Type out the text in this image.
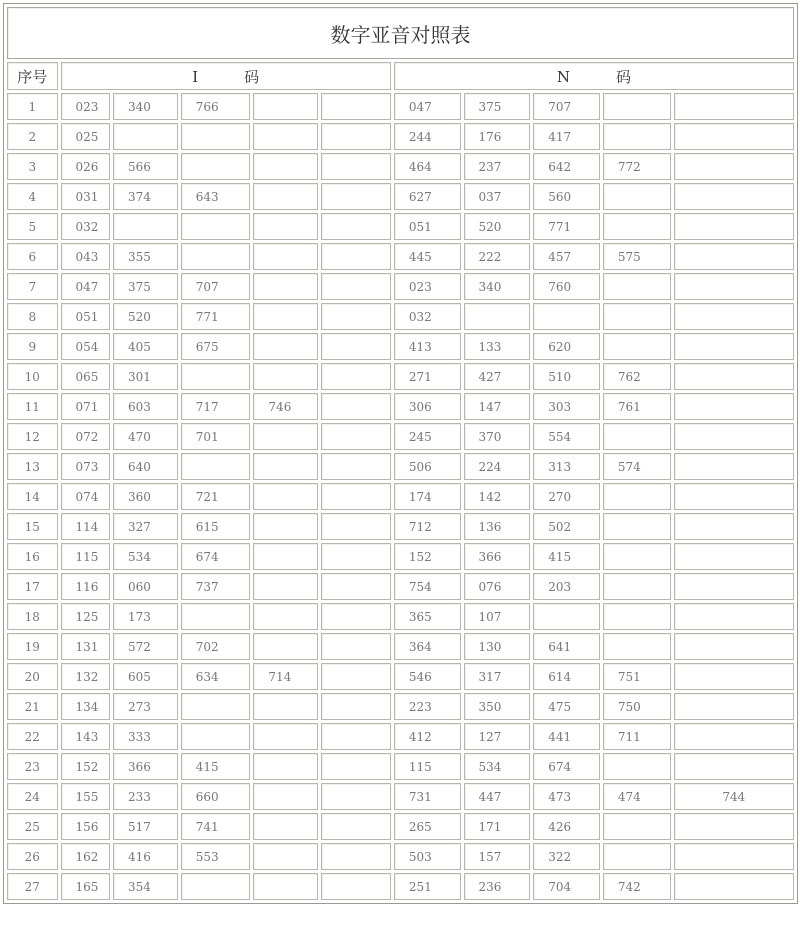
数字亚音对照表										
序号	I 码					N 码				
1	023	340	766			047	375	707		
2	025					244	176	417		
3	026	566				464	237	642	772	
4	031	374	643			627	037	560		
5	032					051	520	771		
6	043	355				445	222	457	575	
7	047	375	707			023	340	760		
8	051	520	771			032				
9	054	405	675			413	133	620		
10	065	301				271	427	510	762	
11	071	603	717	746		306	147	303	761	
12	072	470	701			245	370	554		
13	073	640				506	224	313	574	
14	074	360	721			174	142	270		
15	114	327	615			712	136	502		
16	115	534	674			152	366	415		
17	116	060	737			754	076	203		
18	125	173				365	107			
19	131	572	702			364	130	641		
20	132	605	634	714		546	317	614	751	
21	134	273				223	350	475	750	
22	143	333				412	127	441	711	
23	152	366	415			115	534	674		
24	155	233	660			731	447	473	474	744
25	156	517	741			265	171	426		
26	162	416	553			503	157	322		
27	165	354				251	236	704	742	
